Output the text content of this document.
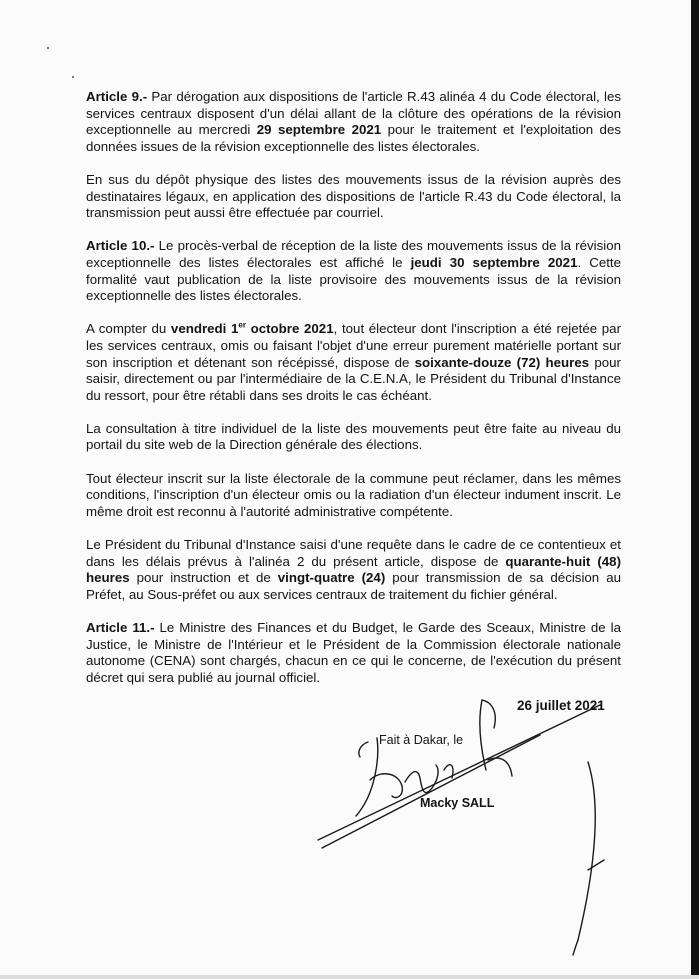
Article 9.- Par dérogation aux dispositions de l'article R.43 alinéa 4 du Code électoral, les services centraux disposent d'un délai allant de la clôture des opérations de la révision exceptionnelle au mercredi 29 septembre 2021 pour le traitement et l'exploitation des données issues de la révision exceptionnelle des listes électorales.

En sus du dépôt physique des listes des mouvements issus de la révision auprès des destinataires légaux, en application des dispositions de l'article R.43 du Code électoral, la transmission peut aussi être effectuée par courriel.

Article 10.- Le procès-verbal de réception de la liste des mouvements issus de la révision exceptionnelle des listes électorales est affiché le jeudi 30 septembre 2021. Cette formalité vaut publication de la liste provisoire des mouvements issus de la révision exceptionnelle des listes électorales.

A compter du vendredi 1er octobre 2021, tout électeur dont l'inscription a été rejetée par les services centraux, omis ou faisant l'objet d'une erreur purement matérielle portant sur son inscription et détenant son récépissé, dispose de soixante-douze (72) heures pour saisir, directement ou par l'intermédiaire de la C.E.N.A, le Président du Tribunal d'Instance du ressort, pour être rétabli dans ses droits le cas échéant.

La consultation à titre individuel de la liste des mouvements peut être faite au niveau du portail du site web de la Direction générale des élections.

Tout électeur inscrit sur la liste électorale de la commune peut réclamer, dans les mêmes conditions, l'inscription d'un électeur omis ou la radiation d'un électeur indument inscrit. Le même droit est reconnu à l'autorité administrative compétente.

Le Président du Tribunal d'Instance saisi d'une requête dans le cadre de ce contentieux et dans les délais prévus à l'alinéa 2 du présent article, dispose de quarante-huit (48) heures pour instruction et de vingt-quatre (24) pour transmission de sa décision au Préfet, au Sous-préfet ou aux services centraux de traitement du fichier général.

Article 11.- Le Ministre des Finances et du Budget, le Garde des Sceaux, Ministre de la Justice, le Ministre de l'Intérieur et le Président de la Commission électorale nationale autonome (CENA) sont chargés, chacun en ce qui le concerne, de l'exécution du présent décret qui sera publié au journal officiel.

26 juillet 2021
Fait à Dakar, le
Macky SALL
